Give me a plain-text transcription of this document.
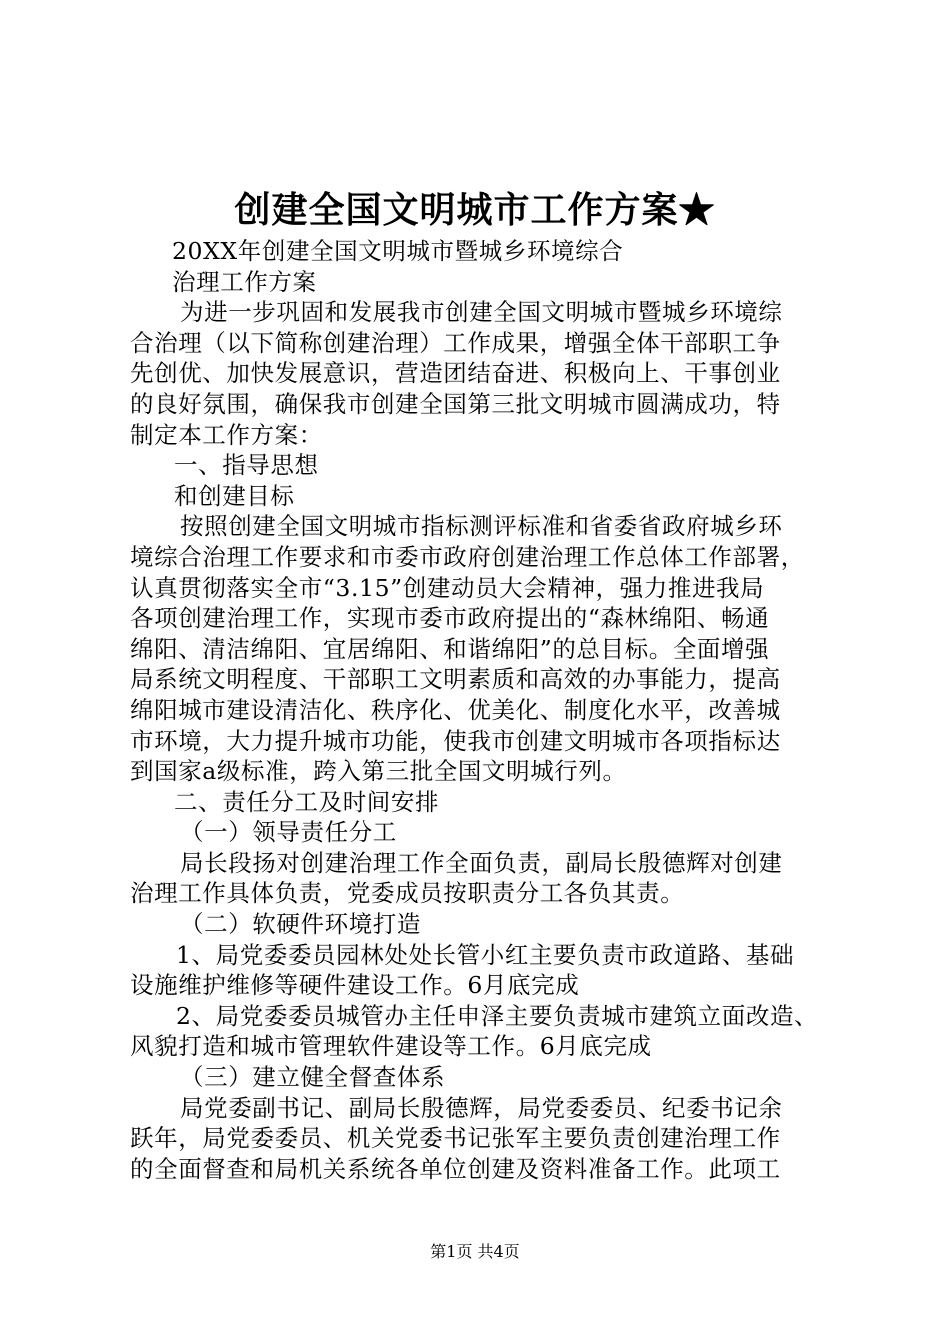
创建全国文明城市工作方案★
20XX年创建全国文明城市暨城乡环境综合
治理工作方案
为进一步巩固和发展我市创建全国文明城市暨城乡环境综
合治理（以下简称创建治理）工作成果，增强全体干部职工争
先创优、加快发展意识，营造团结奋进、积极向上、干事创业
的良好氛围，确保我市创建全国第三批文明城市圆满成功，特
制定本工作方案：
一、指导思想
和创建目标
按照创建全国文明城市指标测评标准和省委省政府城乡环
境综合治理工作要求和市委市政府创建治理工作总体工作部署，
认真贯彻落实全市“3.15”创建动员大会精神，强力推进我局
各项创建治理工作，实现市委市政府提出的“森林绵阳、畅通
绵阳、清洁绵阳、宜居绵阳、和谐绵阳”的总目标。全面增强
局系统文明程度、干部职工文明素质和高效的办事能力，提高
绵阳城市建设清洁化、秩序化、优美化、制度化水平，改善城
市环境，大力提升城市功能，使我市创建文明城市各项指标达
到国家a级标准，跨入第三批全国文明城行列。
二、责任分工及时间安排
（一）领导责任分工
局长段扬对创建治理工作全面负责，副局长殷德辉对创建
治理工作具体负责，党委成员按职责分工各负其责。
（二）软硬件环境打造
1、局党委委员园林处处长管小红主要负责市政道路、基础
设施维护维修等硬件建设工作。6月底完成
2、局党委委员城管办主任申泽主要负责城市建筑立面改造、
风貌打造和城市管理软件建设等工作。6月底完成
（三）建立健全督查体系
局党委副书记、副局长殷德辉，局党委委员、纪委书记余
跃年，局党委委员、机关党委书记张军主要负责创建治理工作
的全面督查和局机关系统各单位创建及资料准备工作。此项工
第1页 共4页
